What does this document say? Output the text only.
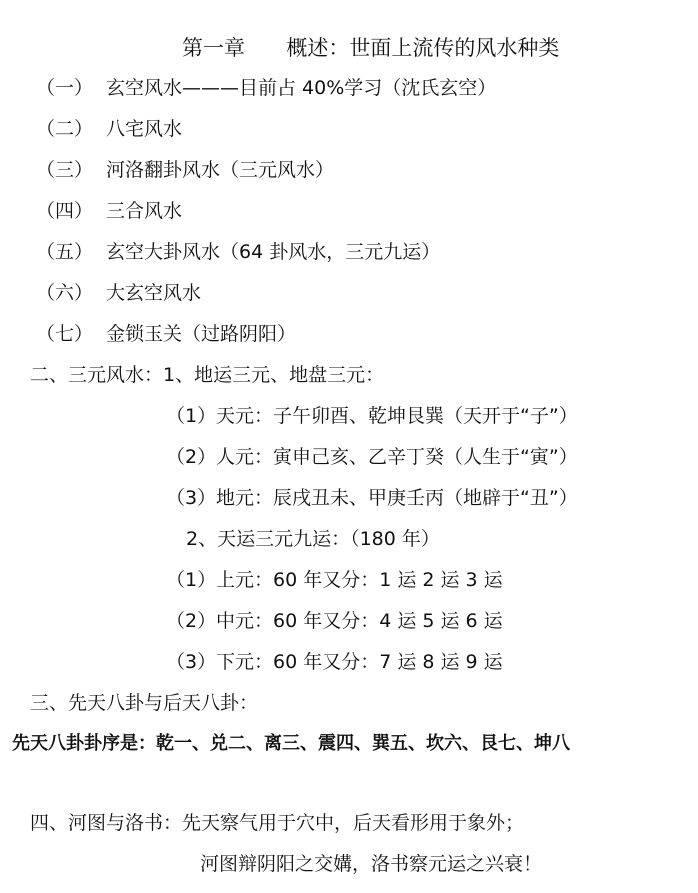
第一章 概述：世面上流传的风水种类
（一） 玄空风水———目前占 40%学习（沈氏玄空）
（二） 八宅风水
（三） 河洛翻卦风水（三元风水）
（四） 三合风水
（五） 玄空大卦风水（64 卦风水，三元九运）
（六） 大玄空风水
（七） 金锁玉关（过路阴阳）
二、三元风水：1、地运三元、地盘三元：
（1）天元：子午卯酉、乾坤艮巽（天开于“子”）
（2）人元：寅申己亥、乙辛丁癸（人生于“寅”）
（3）地元：辰戌丑未、甲庚壬丙（地辟于“丑”）
2、天运三元九运：（180 年）
（1）上元：60 年又分：1 运 2 运 3 运
（2）中元：60 年又分：4 运 5 运 6 运
（3）下元：60 年又分：7 运 8 运 9 运
三、先天八卦与后天八卦：
先天八卦卦序是：乾一、兑二、离三、震四、巽五、坎六、艮七、坤八
四、河图与洛书：先天察气用于穴中，后天看形用于象外；
河图辩阴阳之交媾，洛书察元运之兴衰！
